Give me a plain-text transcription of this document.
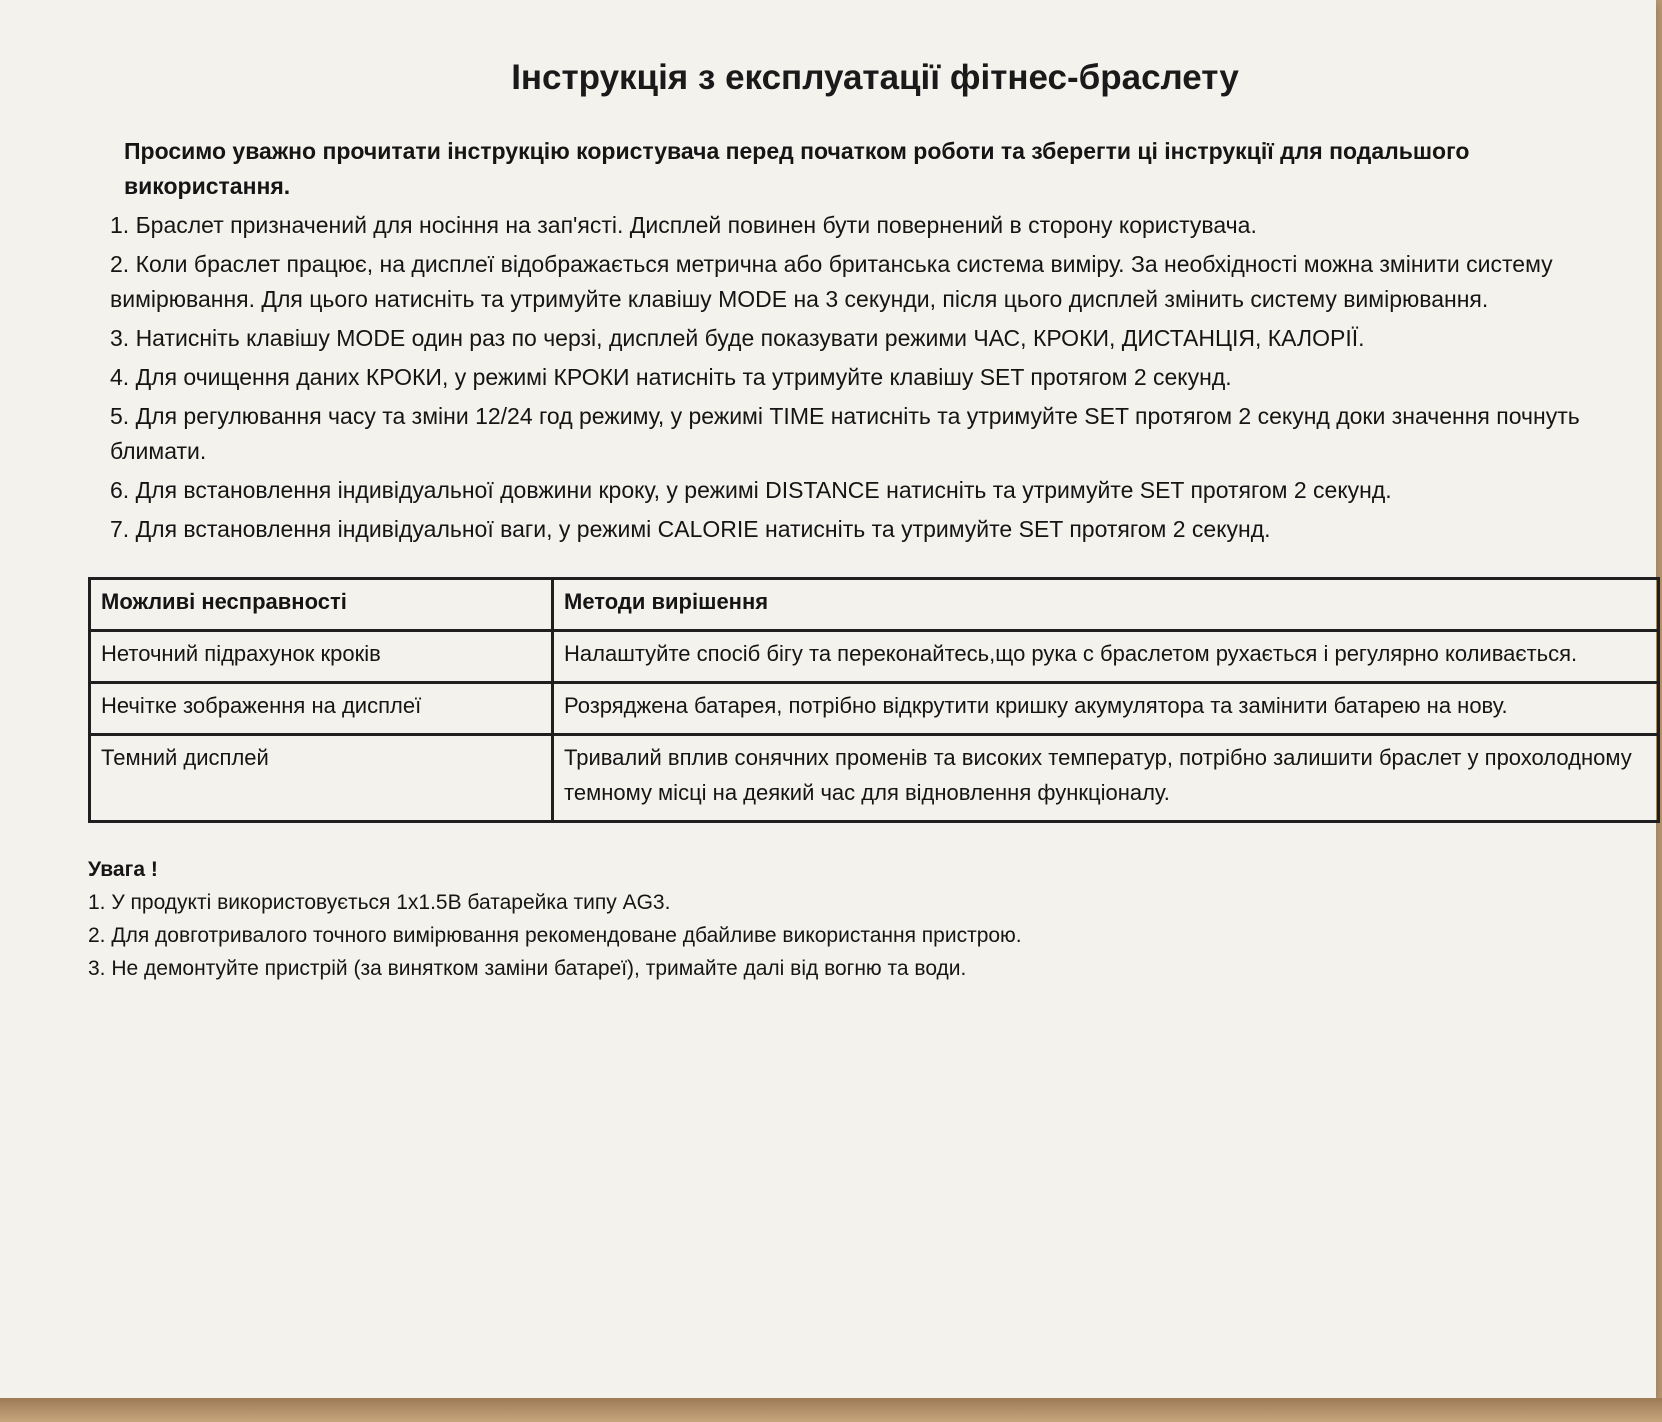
Інструкція з експлуатації фітнес-браслету
Просимо уважно прочитати інструкцію користувача перед початком роботи та зберегти ці інструкції для подальшого використання.
1. Браслет призначений для носіння на зап'ясті. Дисплей повинен бути повернений в сторону користувача.
2. Коли браслет працює, на дисплеї відображається метрична або британська система виміру. За необхідності можна змінити систему вимірювання. Для цього натисніть та утримуйте клавішу MODE на 3 секунди, після цього дисплей змінить систему вимірювання.
3. Натисніть клавішу MODE один раз по черзі, дисплей буде показувати режими ЧАС, КРОКИ, ДИСТАНЦІЯ, КАЛОРІЇ.
4. Для очищення даних КРОКИ, у режимі КРОКИ натисніть та утримуйте клавішу SET протягом 2 секунд.
5. Для регулювання часу та зміни 12/24 год режиму, у режимі TIME натисніть та утримуйте SET протягом 2 секунд доки значення почнуть блимати.
6. Для встановлення індивідуальної довжини кроку, у режимі DISTANCE натисніть та утримуйте SET протягом 2 секунд.
7. Для встановлення індивідуальної ваги, у режимі CALORIE натисніть та утримуйте SET протягом 2 секунд.
Можливі несправності	Методи вирішення
Неточний підрахунок кроків	Налаштуйте спосіб бігу та переконайтесь,що рука с браслетом рухається і регулярно коливається.
Нечітке зображення на дисплеї	Розряджена батарея, потрібно відкрутити кришку акумулятора та замінити батарею на нову.
Темний дисплей	Тривалий вплив сонячних променів та високих температур, потрібно залишити браслет у прохолодному темному місці на деякий час для відновлення функціоналу.
Увага !
1. У продукті використовується 1x1.5В батарейка типу AG3.
2. Для довготривалого точного вимірювання рекомендоване дбайливе використання пристрою.
3. Не демонтуйте пристрій (за винятком заміни батареї), тримайте далі від вогню та води.
